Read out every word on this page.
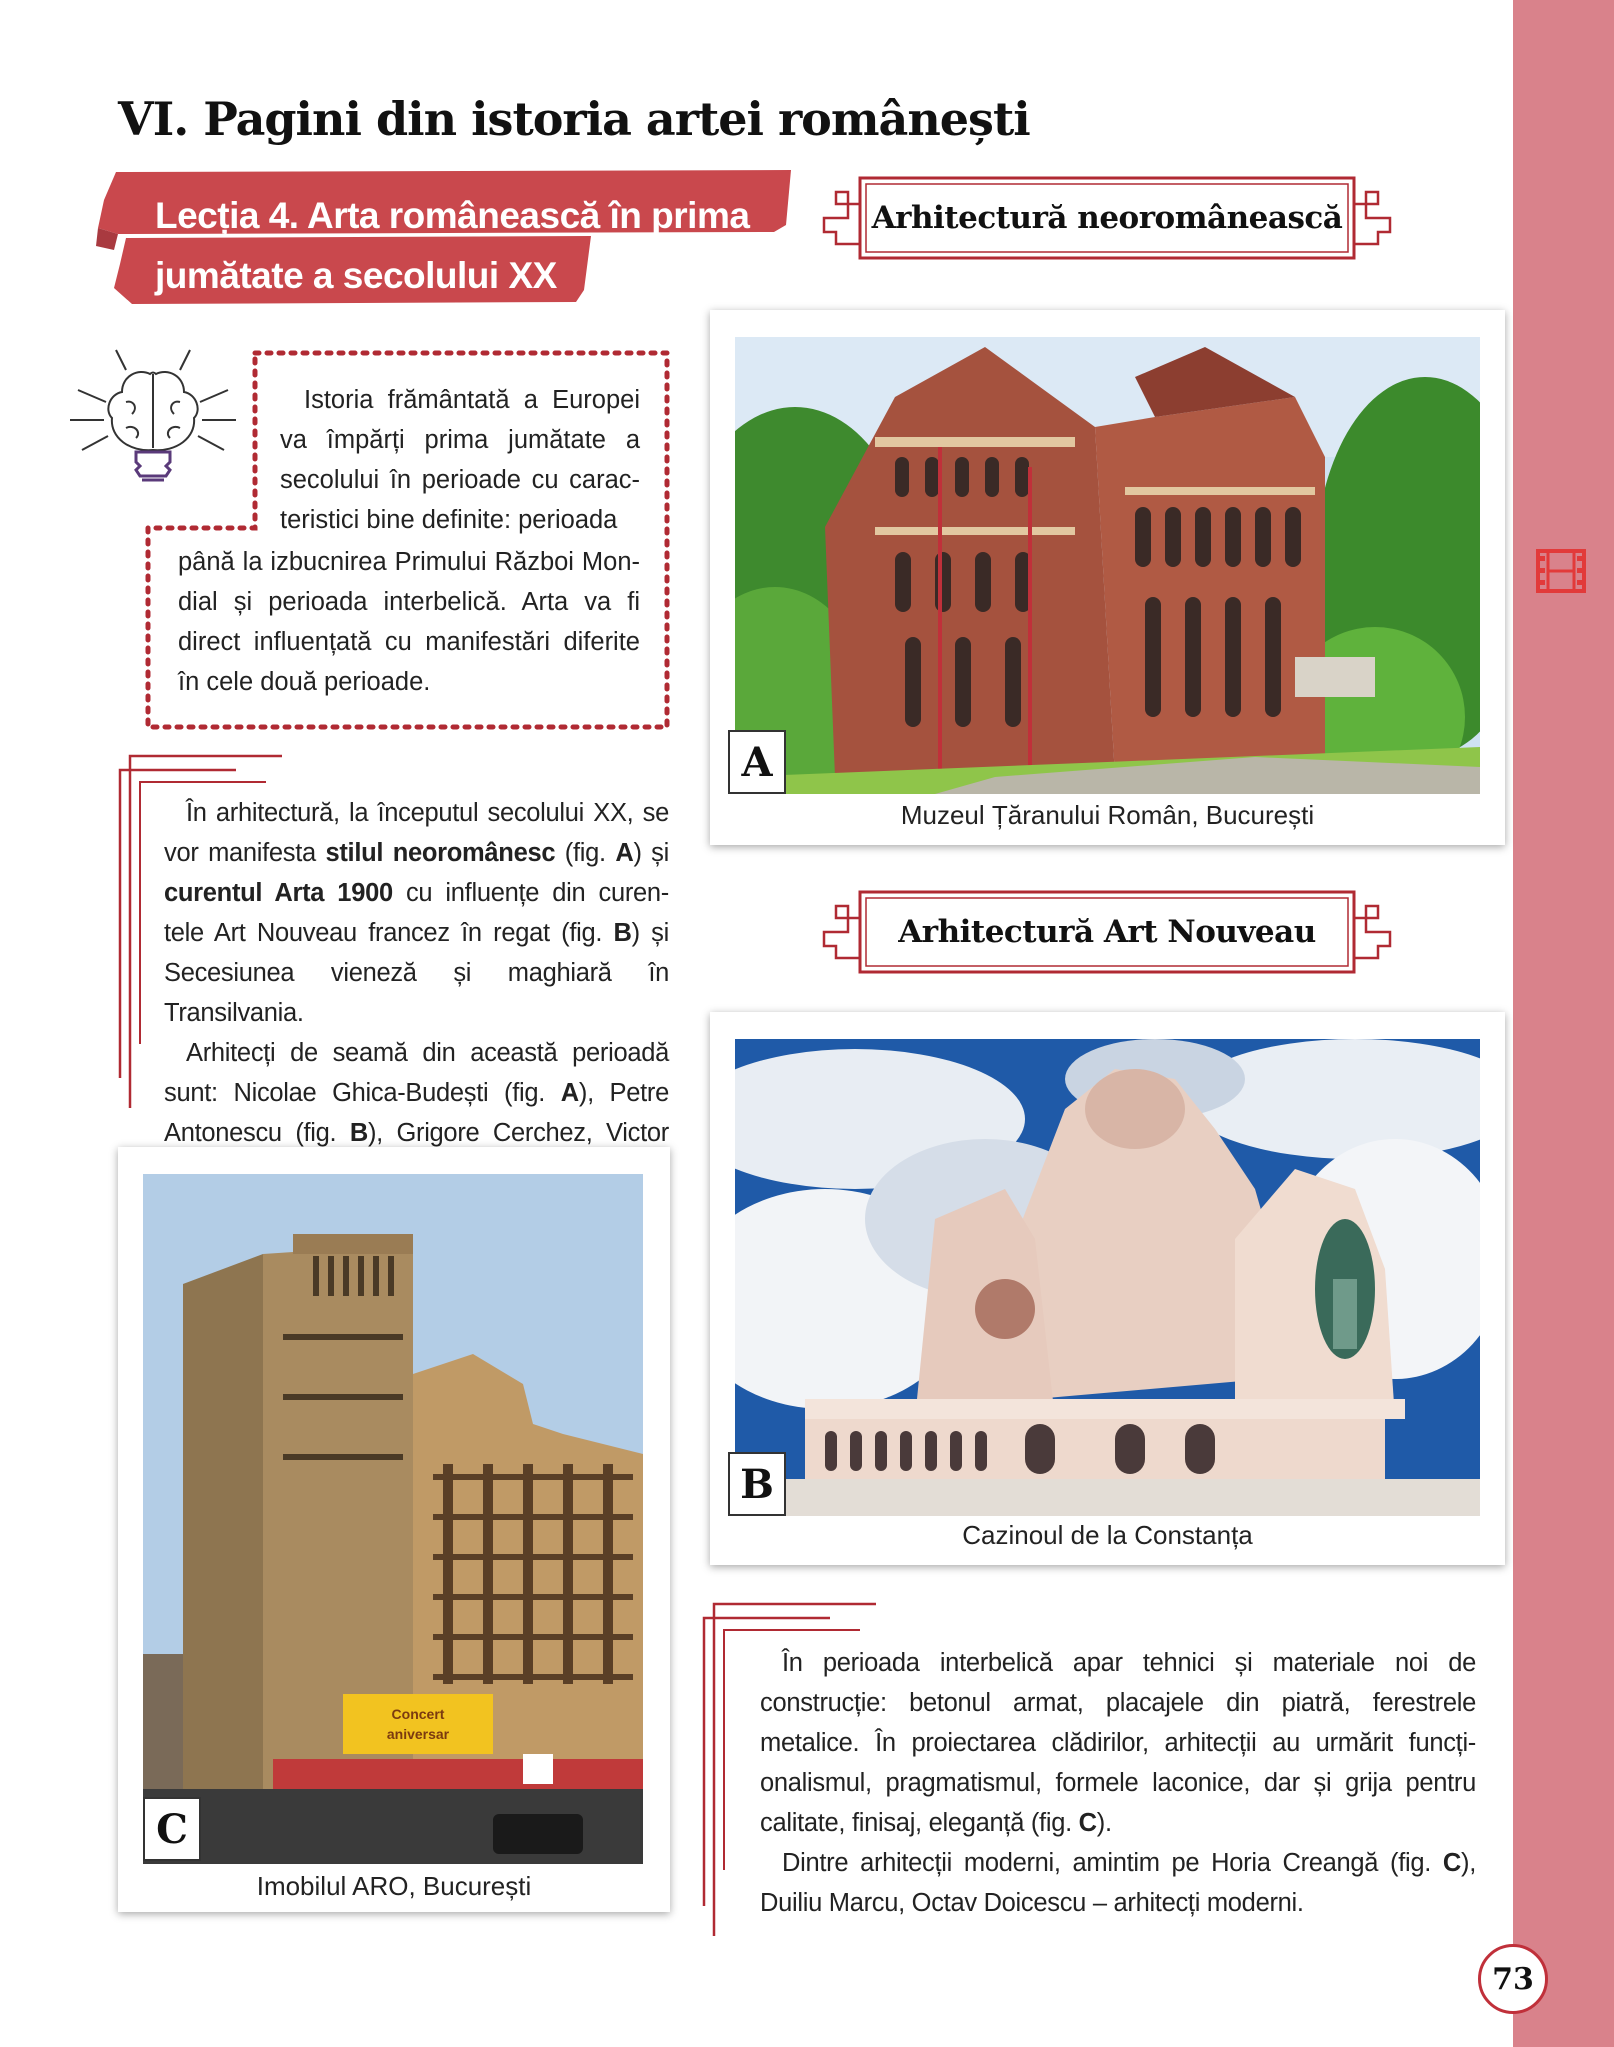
VI. Pagini din istoria artei românești
Lecția 4. Arta românească în prima
jumătate a secolului XX
Arhitectură neoromânească
Arhitectură Art Nouveau
Istoria frământată a Europei va împărți prima jumătate a secolului în perioade cu carac-teristici bine definite: perioada
până la izbucnirea Primului Război Mon-dial și perioada interbelică. Arta va fi direct influențată cu manifestări diferite în cele două perioade.

În arhitectură, la începutul secolului XX, se vor manifesta stilul neoromânesc (fig. A) și curentul Arta 1900 cu influențe din curen-tele Art Nouveau francez în regat (fig. B) și Secesiunea vieneză și maghiară în Transilvania.

Arhitecți de seamă din această perioadă sunt: Nicolae Ghica-Budești (fig. A), Petre Antonescu (fig. B), Grigore Cerchez, Victor

A
Muzeul Țăranului Român, București
B
Cazinoul de la Constanța
Concert
aniversar
C
Imobilul ARO, București

În perioada interbelică apar tehnici și materiale noi de construcție: betonul armat, placajele din piatră, ferestrele metalice. În proiectarea clădirilor, arhitecții au urmărit funcți-onalismul, pragmatismul, formele laconice, dar și grija pentru calitate, finisaj, eleganță (fig. C).

Dintre arhitecții moderni, amintim pe Horia Creangă (fig. C), Duiliu Marcu, Octav Doicescu – arhitecți moderni.

73
